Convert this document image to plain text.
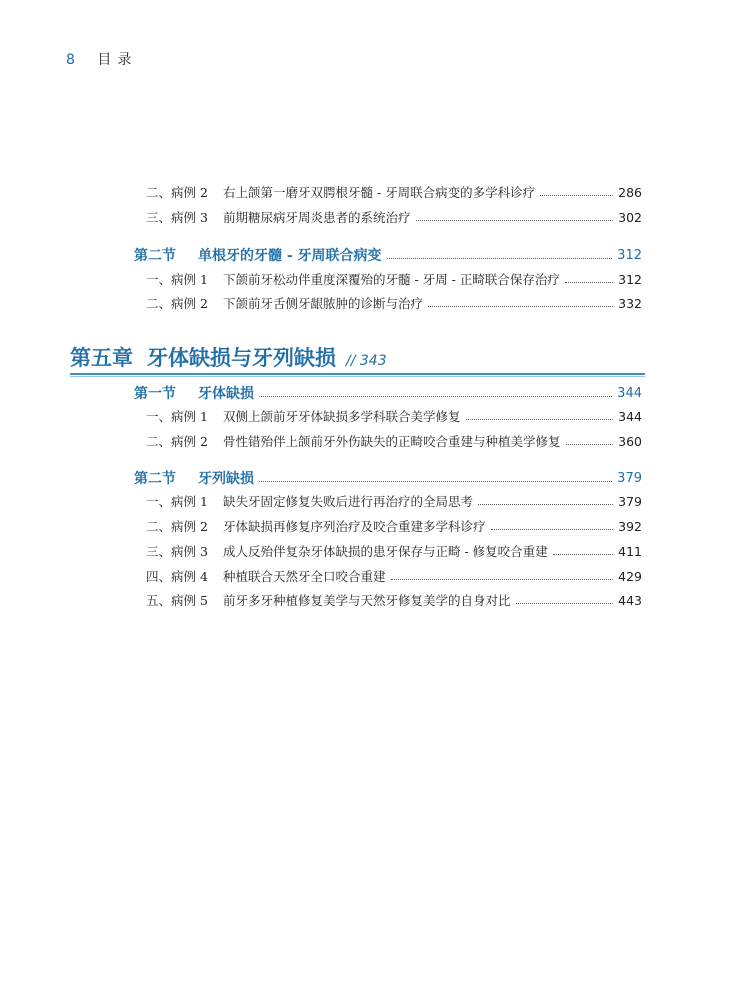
8 目录
二、病例 2	右上颌第一磨牙双腭根牙髓 - 牙周联合病变的多学科诊疗	286
三、病例 3	前期糖尿病牙周炎患者的系统治疗	302
第二节	单根牙的牙髓 - 牙周联合病变	312
一、病例 1	下颌前牙松动伴重度深覆殆的牙髓 - 牙周 - 正畸联合保存治疗	312
二、病例 2	下颌前牙舌侧牙龈脓肿的诊断与治疗	332
第五章 牙体缺损与牙列缺损 // 343
第一节	牙体缺损	344
一、病例 1	双侧上颌前牙牙体缺损多学科联合美学修复	344
二、病例 2	骨性错殆伴上颌前牙外伤缺失的正畸咬合重建与种植美学修复	360
第二节	牙列缺损	379
一、病例 1	缺失牙固定修复失败后进行再治疗的全局思考	379
二、病例 2	牙体缺损再修复序列治疗及咬合重建多学科诊疗	392
三、病例 3	成人反殆伴复杂牙体缺损的患牙保存与正畸 - 修复咬合重建	411
四、病例 4	种植联合天然牙全口咬合重建	429
五、病例 5	前牙多牙种植修复美学与天然牙修复美学的自身对比	443
